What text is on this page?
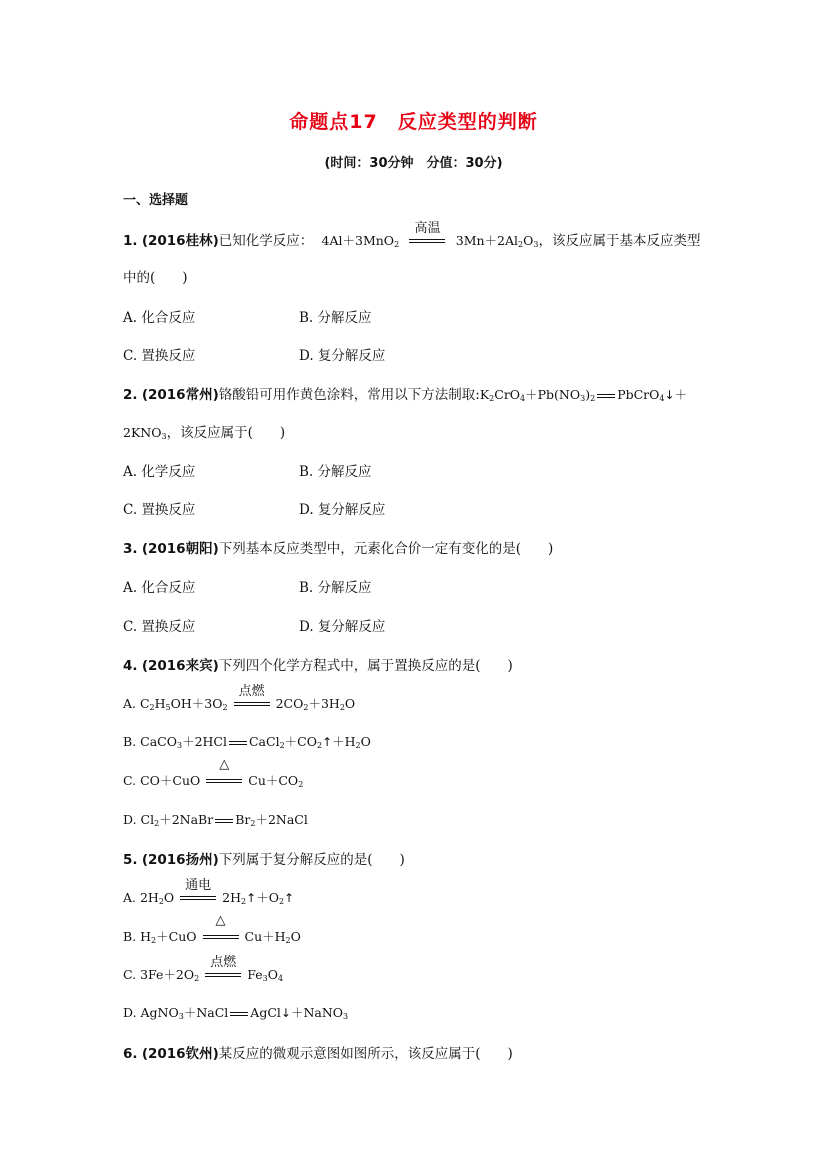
命题点17　反应类型的判断
(时间：30分钟　分值：30分)
一、选择题
1. (2016桂林)已知化学反应：  4Al＋3MnO$_2$
高温
$3Mn+2Al_2O_3$，该反应属于基本反应类型
中的(　　)
A. 化合反应	B. 分解反应
C. 置换反应	D. 复分解反应
2. (2016常州)铬酸铅可用作黄色涂料，常用以下方法制取$:K_2CrO_4+Pb(NO_3)_2$ PbCrO$_4$↓＋
$2KNO_3$，该反应属于(　　)
A. 化学反应	B. 分解反应
C. 置换反应	D. 复分解反应
3. (2016朝阳)下列基本反应类型中，元素化合价一定有变化的是(　　)
A. 化合反应	B. 分解反应
C. 置换反应	D. 复分解反应
4. (2016来宾)下列四个化学方程式中，属于置换反应的是(　　)
A. $C_2H_5OH+3O_2$
点燃
$2CO_2+3H_2O$
B. CaCO$_3$＋2HCl $CaCl_2+CO_2↑+H_2O$
C. CO＋CuO
△
$Cu+CO_2$
D. $Cl_2+2NaBr$ $Br_2+2NaCl$
5. (2016扬州)下列属于复分解反应的是(　　)
A. $2H_2O$
通电
$2H_2↑+O_2↑$
B. $H_2+CuO$
△
$Cu+H_2O$
C. $3Fe+2O_2$
点燃
$Fe_3O_4$
D. AgNO$_3$＋NaCl AgCl↓＋NaNO$_3$
6. (2016钦州)某反应的微观示意图如图所示，该反应属于(　　)
